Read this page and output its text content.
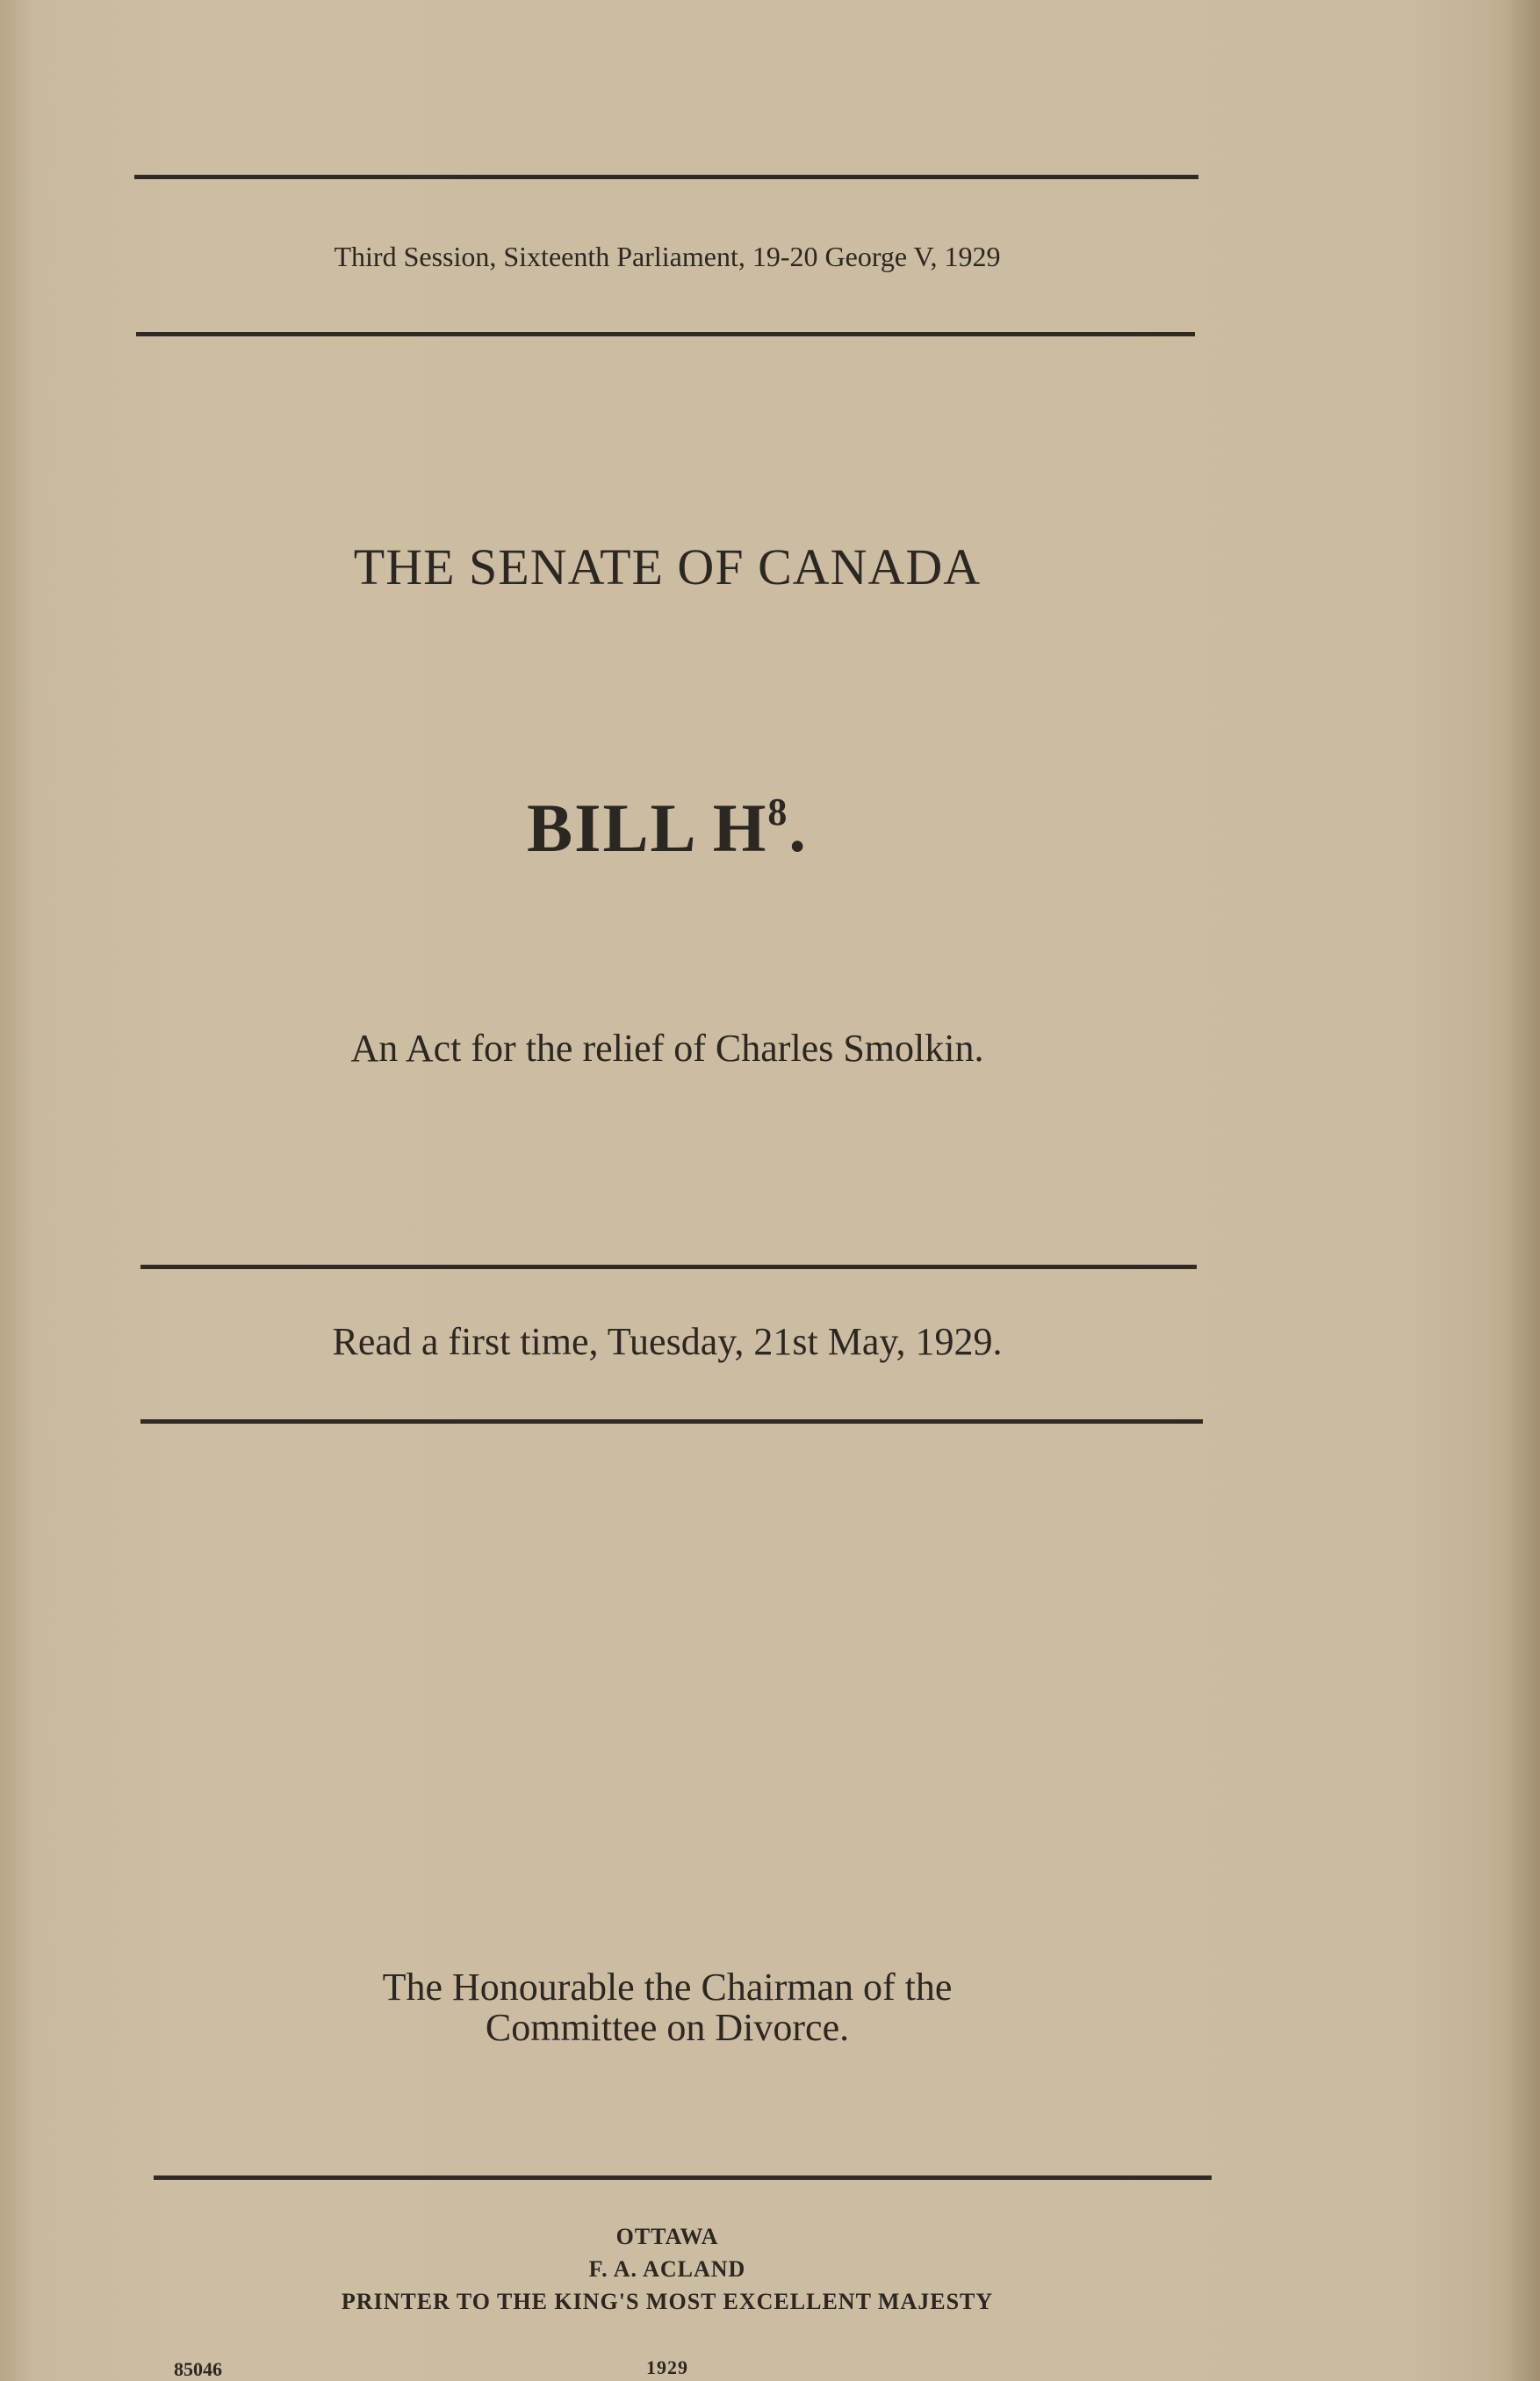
Third Session, Sixteenth Parliament, 19-20 George V, 1929
THE SENATE OF CANADA
BILL $H^8$.
An Act for the relief of Charles Smolkin.
Read a first time, Tuesday, 21st May, 1929.
The Honourable the Chairman of the
Committee on Divorce.
OTTAWA
F. A. ACLAND
PRINTER TO THE KING'S MOST EXCELLENT MAJESTY
1929
85046
